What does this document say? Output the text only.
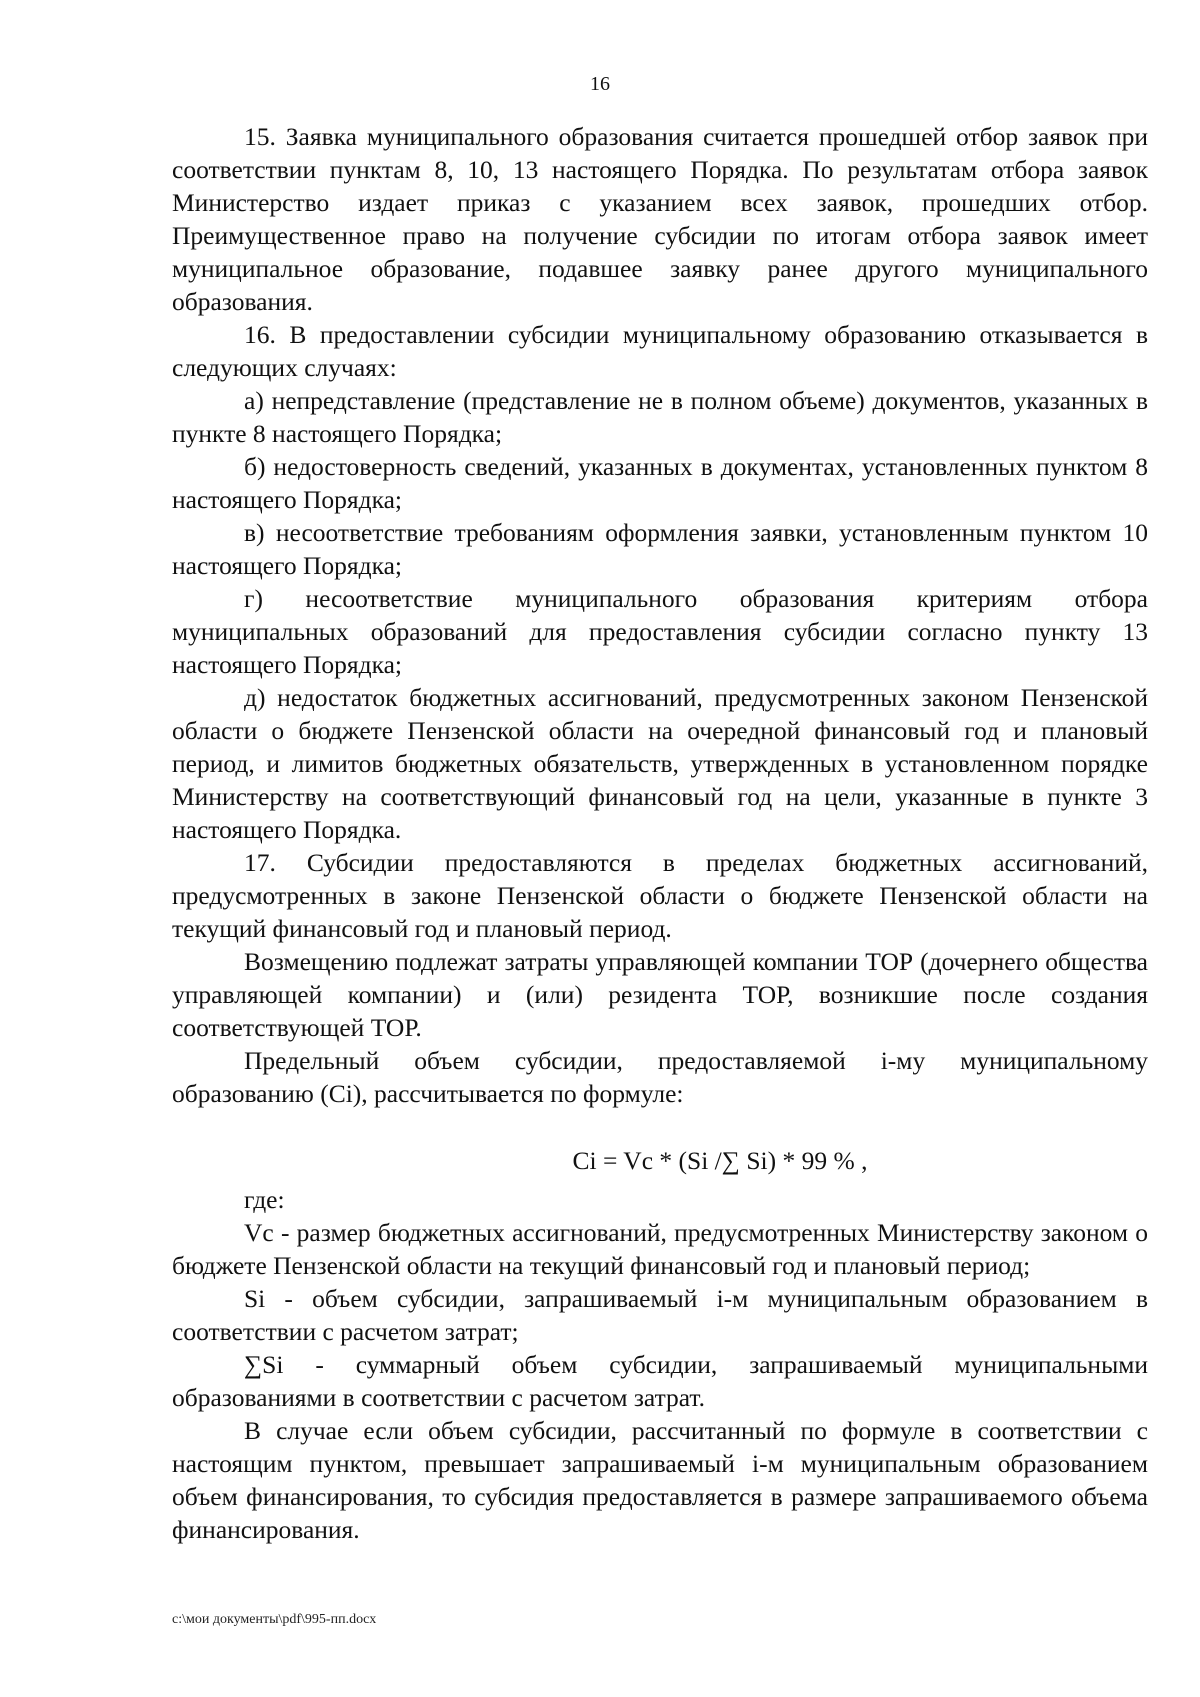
16

15. Заявка муниципального образования считается прошедшей отбор заявок при соответствии пунктам 8, 10, 13 настоящего Порядка. По результатам отбора заявок Министерство издает приказ с указанием всех заявок, прошедших отбор. Преимущественное право на получение субсидии по итогам отбора заявок имеет муниципальное образование, подавшее заявку ранее другого муниципального образования.

16. В предоставлении субсидии муниципальному образованию отказывается в следующих случаях:

а) непредставление (представление не в полном объеме) документов, указанных в пункте 8 настоящего Порядка;

б) недостоверность сведений, указанных в документах, установленных пунктом 8 настоящего Порядка;

в) несоответствие требованиям оформления заявки, установленным пунктом 10 настоящего Порядка;

г) несоответствие муниципального образования критериям отбора муниципальных образований для предоставления субсидии согласно пункту 13 настоящего Порядка;

д) недостаток бюджетных ассигнований, предусмотренных законом Пензенской области о бюджете Пензенской области на очередной финансовый год и плановый период, и лимитов бюджетных обязательств, утвержденных в установленном порядке Министерству на соответствующий финансовый год на цели, указанные в пункте 3 настоящего Порядка.

17. Субсидии предоставляются в пределах бюджетных ассигнований, предусмотренных в законе Пензенской области о бюджете Пензенской области на текущий финансовый год и плановый период.

Возмещению подлежат затраты управляющей компании ТОР (дочернего общества управляющей компании) и (или) резидента ТОР, возникшие после создания соответствующей ТОР.

Предельный объем субсидии, предоставляемой i-му муниципальному образованию (Ci), рассчитывается по формуле:

Ci = Vc * (Si /∑ Si) * 99 % ,

где:

Vc - размер бюджетных ассигнований, предусмотренных Министерству законом о бюджете Пензенской области на текущий финансовый год и плановый период;

Si - объем субсидии, запрашиваемый i-м муниципальным образованием в соответствии с расчетом затрат;

∑Si - суммарный объем субсидии, запрашиваемый муниципальными образованиями в соответствии с расчетом затрат.

В случае если объем субсидии, рассчитанный по формуле в соответствии с настоящим пунктом, превышает запрашиваемый i-м муниципальным образованием объем финансирования, то субсидия предоставляется в размере запрашиваемого объема финансирования.

c:\мои документы\pdf\995-пп.docx
